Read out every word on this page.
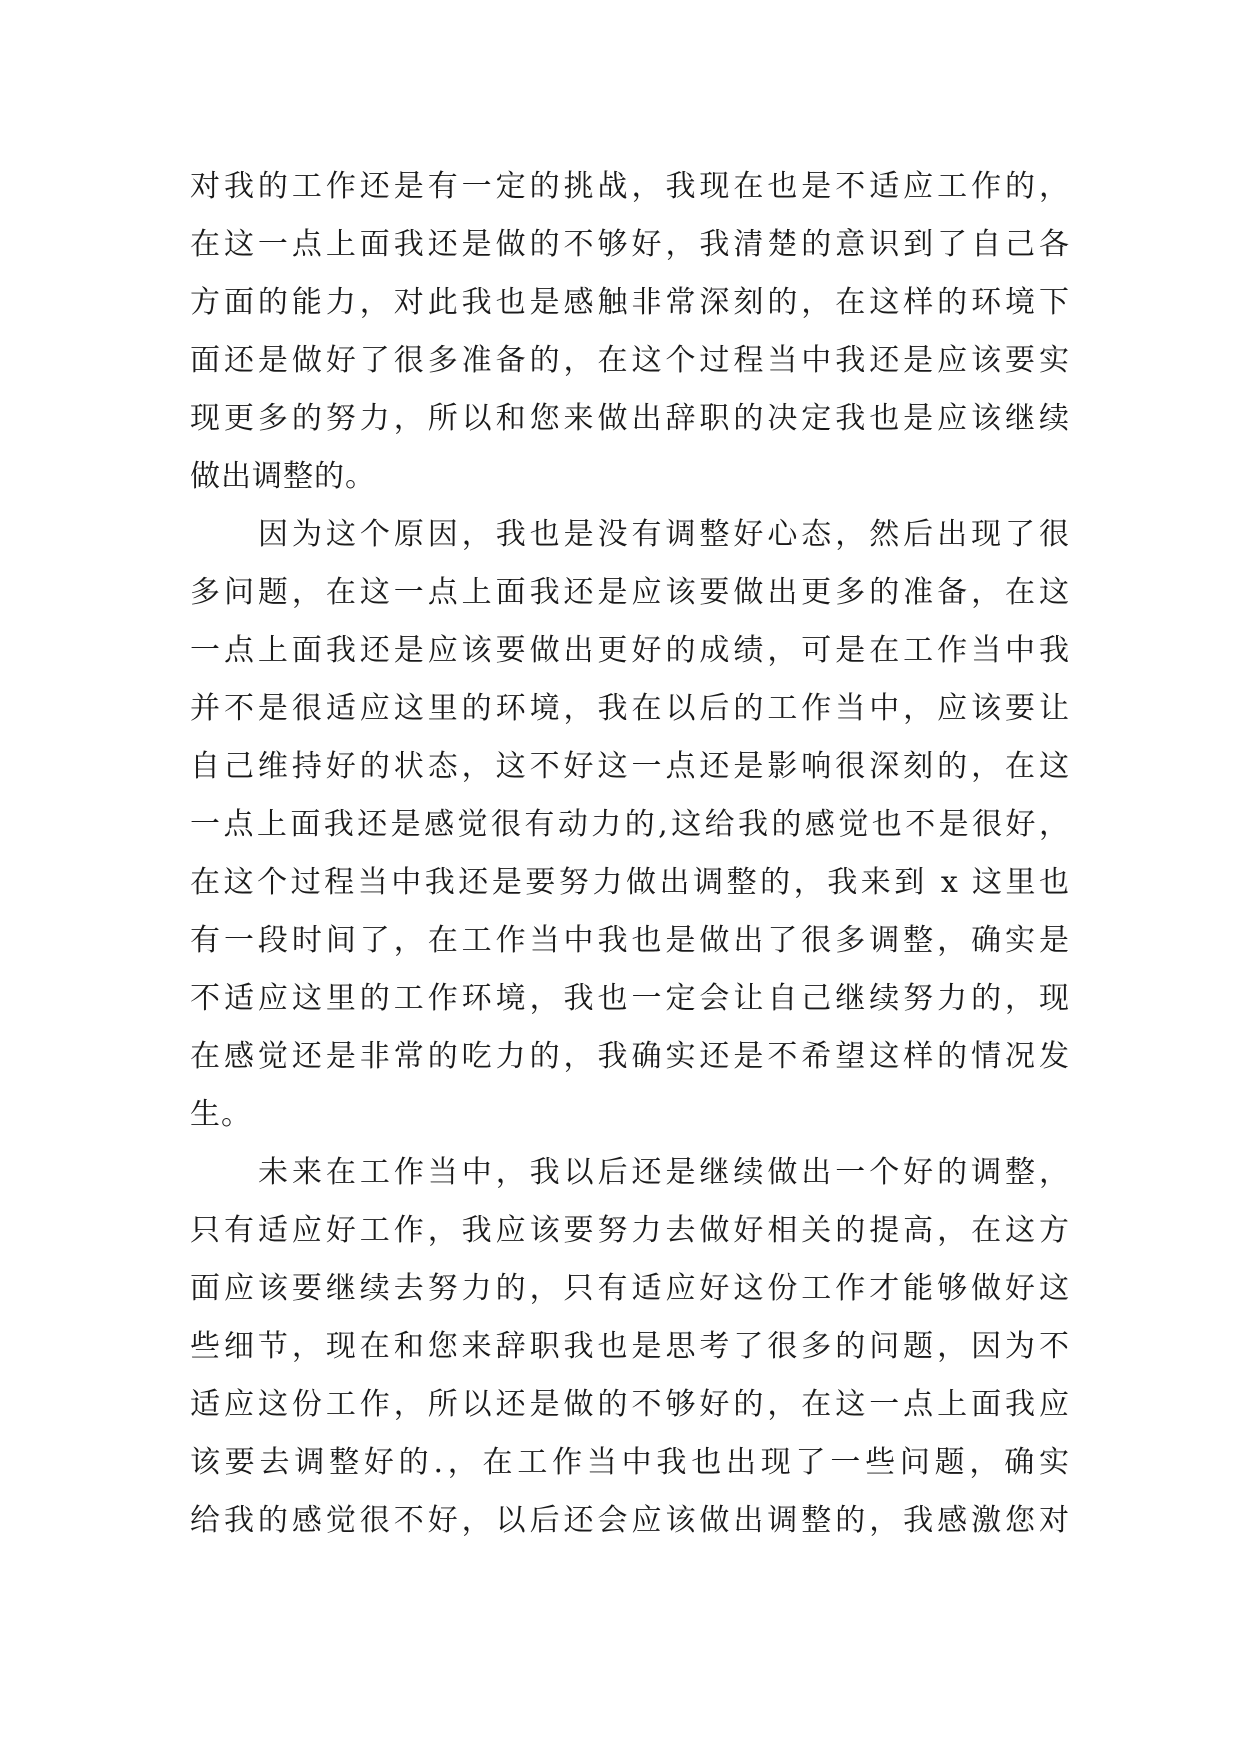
对我的工作还是有一定的挑战，我现在也是不适应工作的，
在这一点上面我还是做的不够好，我清楚的意识到了自己各
方面的能力，对此我也是感触非常深刻的，在这样的环境下
面还是做好了很多准备的，在这个过程当中我还是应该要实
现更多的努力，所以和您来做出辞职的决定我也是应该继续
做出调整的。
因为这个原因，我也是没有调整好心态，然后出现了很
多问题，在这一点上面我还是应该要做出更多的准备，在这
一点上面我还是应该要做出更好的成绩，可是在工作当中我
并不是很适应这里的环境，我在以后的工作当中，应该要让
自己维持好的状态，这不好这一点还是影响很深刻的，在这
一点上面我还是感觉很有动力的,这给我的感觉也不是很好，
在这个过程当中我还是要努力做出调整的，我来到 x 这里也
有一段时间了，在工作当中我也是做出了很多调整，确实是
不适应这里的工作环境，我也一定会让自己继续努力的，现
在感觉还是非常的吃力的，我确实还是不希望这样的情况发
生。
未来在工作当中，我以后还是继续做出一个好的调整，
只有适应好工作，我应该要努力去做好相关的提高，在这方
面应该要继续去努力的，只有适应好这份工作才能够做好这
些细节，现在和您来辞职我也是思考了很多的问题，因为不
适应这份工作，所以还是做的不够好的，在这一点上面我应
该要去调整好的.，在工作当中我也出现了一些问题，确实
给我的感觉很不好，以后还会应该做出调整的，我感激您对
